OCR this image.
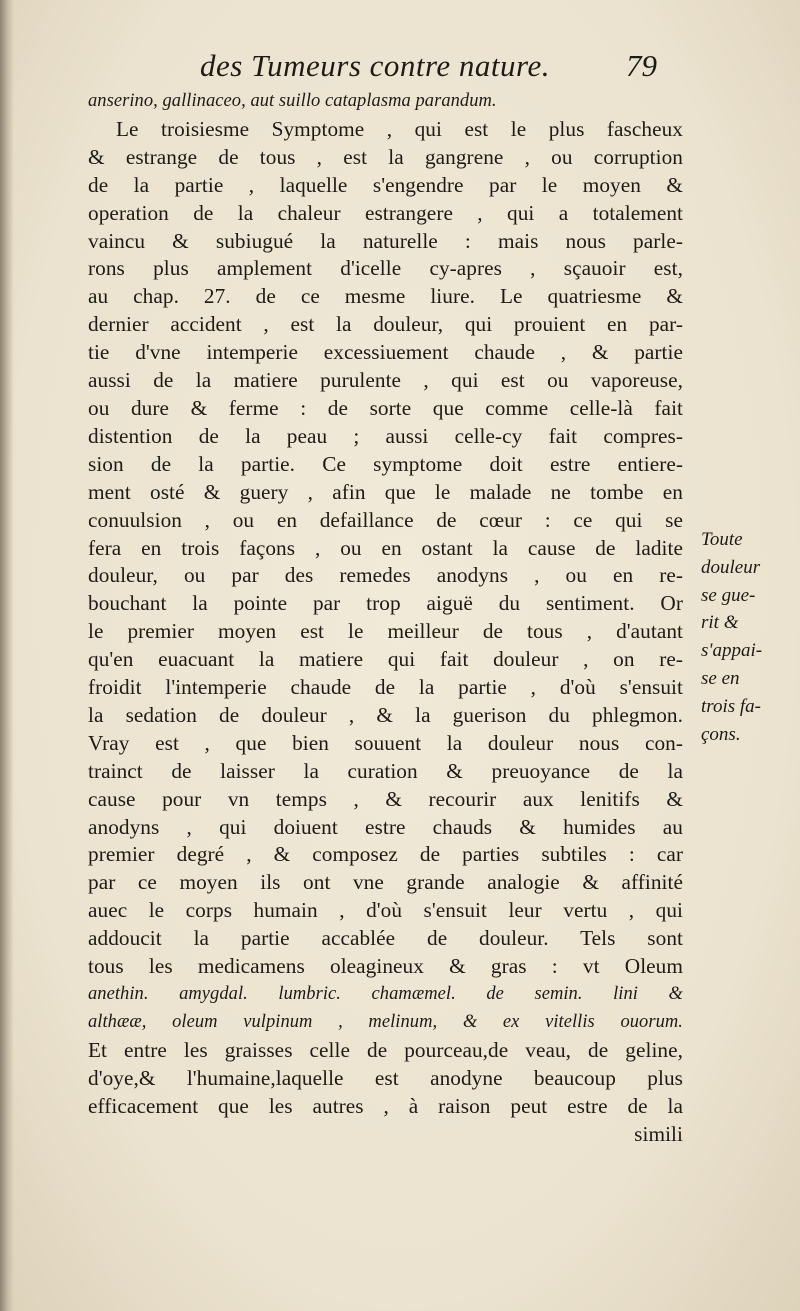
des Tumeurs contre nature.	79
anserino, gallinaceo, aut suillo cataplasma parandum.
Le troisiesme Symptome , qui est le plus fascheux
& estrange de tous , est la gangrene , ou corruption
de la partie , laquelle s'engendre par le moyen &
operation de la chaleur estrangere , qui a totalement
vaincu & subiugué la naturelle : mais nous parle-
rons plus amplement d'icelle cy-apres , sçauoir est,
au chap. 27. de ce mesme liure. Le quatriesme &
dernier accident , est la douleur, qui prouient en par-
tie d'vne intemperie excessiuement chaude , & partie
aussi de la matiere purulente , qui est ou vaporeuse,
ou dure & ferme : de sorte que comme celle-là fait
distention de la peau ; aussi celle-cy fait compres-
sion de la partie. Ce symptome doit estre entiere-
ment osté & guery , afin que le malade ne tombe en
conuulsion , ou en defaillance de cœur : ce qui se
fera en trois façons , ou en ostant la cause de ladite
douleur, ou par des remedes anodyns , ou en re-
bouchant la pointe par trop aiguë du sentiment. Or
le premier moyen est le meilleur de tous , d'autant
qu'en euacuant la matiere qui fait douleur , on re-
froidit l'intemperie chaude de la partie , d'où s'ensuit
la sedation de douleur , & la guerison du phlegmon.
Vray est , que bien souuent la douleur nous con-
trainct de laisser la curation & preuoyance de la
cause pour vn temps , & recourir aux lenitifs &
anodyns , qui doiuent estre chauds & humides au
premier degré , & composez de parties subtiles : car
par ce moyen ils ont vne grande analogie & affinité
auec le corps humain , d'où s'ensuit leur vertu , qui
addoucit la partie accablée de douleur. Tels sont
tous les medicamens oleagineux & gras : vt Oleum
anethin. amygdal. lumbric. chamæmel. de semin. lini &
althææ, oleum vulpinum , melinum, & ex vitellis ouorum.
Et entre les graisses celle de pourceau,de veau, de geline,
d'oye,& l'humaine,laquelle est anodyne beaucoup plus
efficacement que les autres , à raison peut estre de la
simili
Toute
douleur
se gue-
rit &
s'appai-
se en
trois fa-
çons.
